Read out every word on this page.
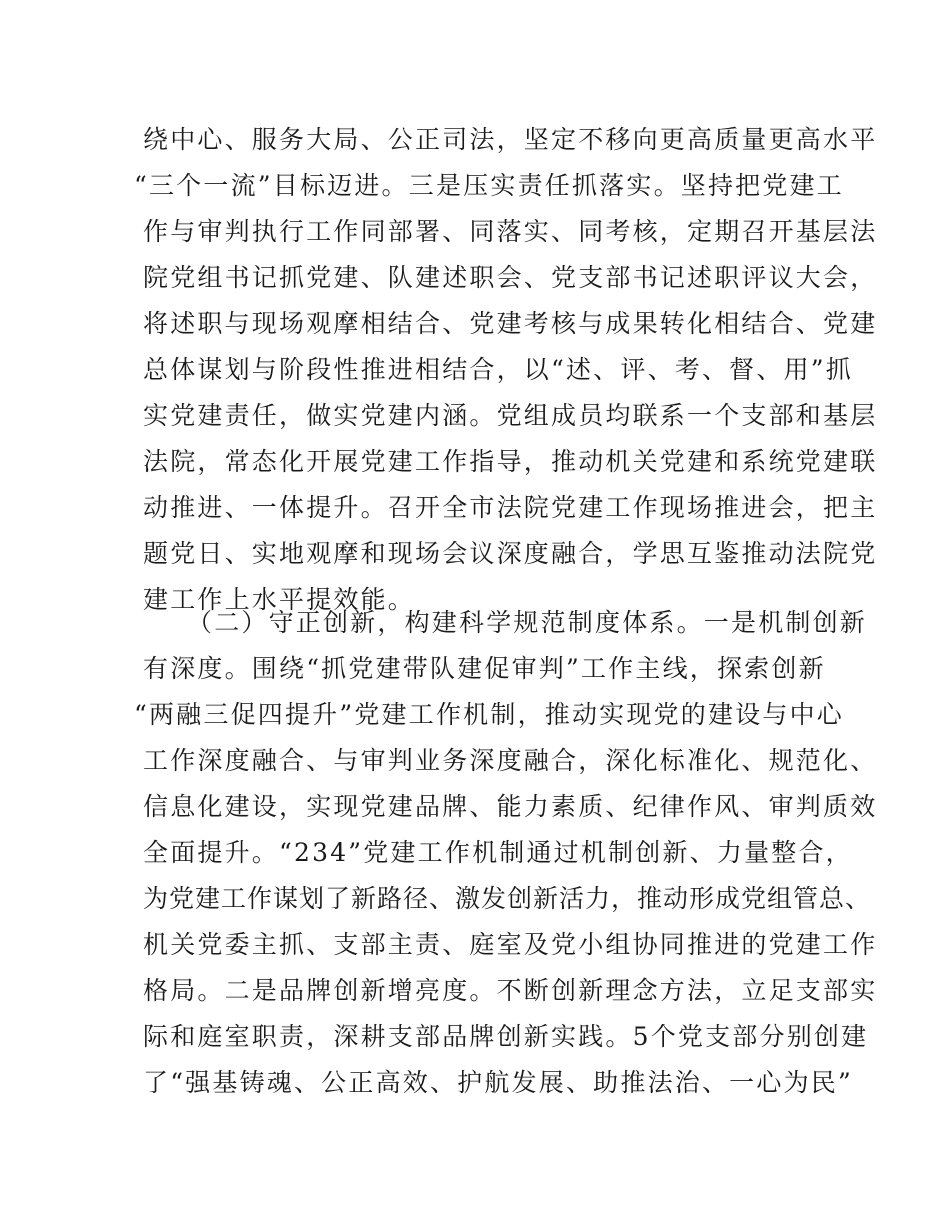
绕中心、服务大局、公正司法，坚定不移向更高质量更高水平
“三个一流”目标迈进。三是压实责任抓落实。坚持把党建工
作与审判执行工作同部署、同落实、同考核，定期召开基层法
院党组书记抓党建、队建述职会、党支部书记述职评议大会，
将述职与现场观摩相结合、党建考核与成果转化相结合、党建
总体谋划与阶段性推进相结合，以“述、评、考、督、用”抓
实党建责任，做实党建内涵。党组成员均联系一个支部和基层
法院，常态化开展党建工作指导，推动机关党建和系统党建联
动推进、一体提升。召开全市法院党建工作现场推进会，把主
题党日、实地观摩和现场会议深度融合，学思互鉴推动法院党
建工作上水平提效能。
（二）守正创新，构建科学规范制度体系。一是机制创新
有深度。围绕“抓党建带队建促审判”工作主线，探索创新
“两融三促四提升”党建工作机制，推动实现党的建设与中心
工作深度融合、与审判业务深度融合，深化标准化、规范化、
信息化建设，实现党建品牌、能力素质、纪律作风、审判质效
全面提升。“234”党建工作机制通过机制创新、力量整合，
为党建工作谋划了新路径、激发创新活力，推动形成党组管总、
机关党委主抓、支部主责、庭室及党小组协同推进的党建工作
格局。二是品牌创新增亮度。不断创新理念方法，立足支部实
际和庭室职责，深耕支部品牌创新实践。5个党支部分别创建
了“强基铸魂、公正高效、护航发展、助推法治、一心为民”
